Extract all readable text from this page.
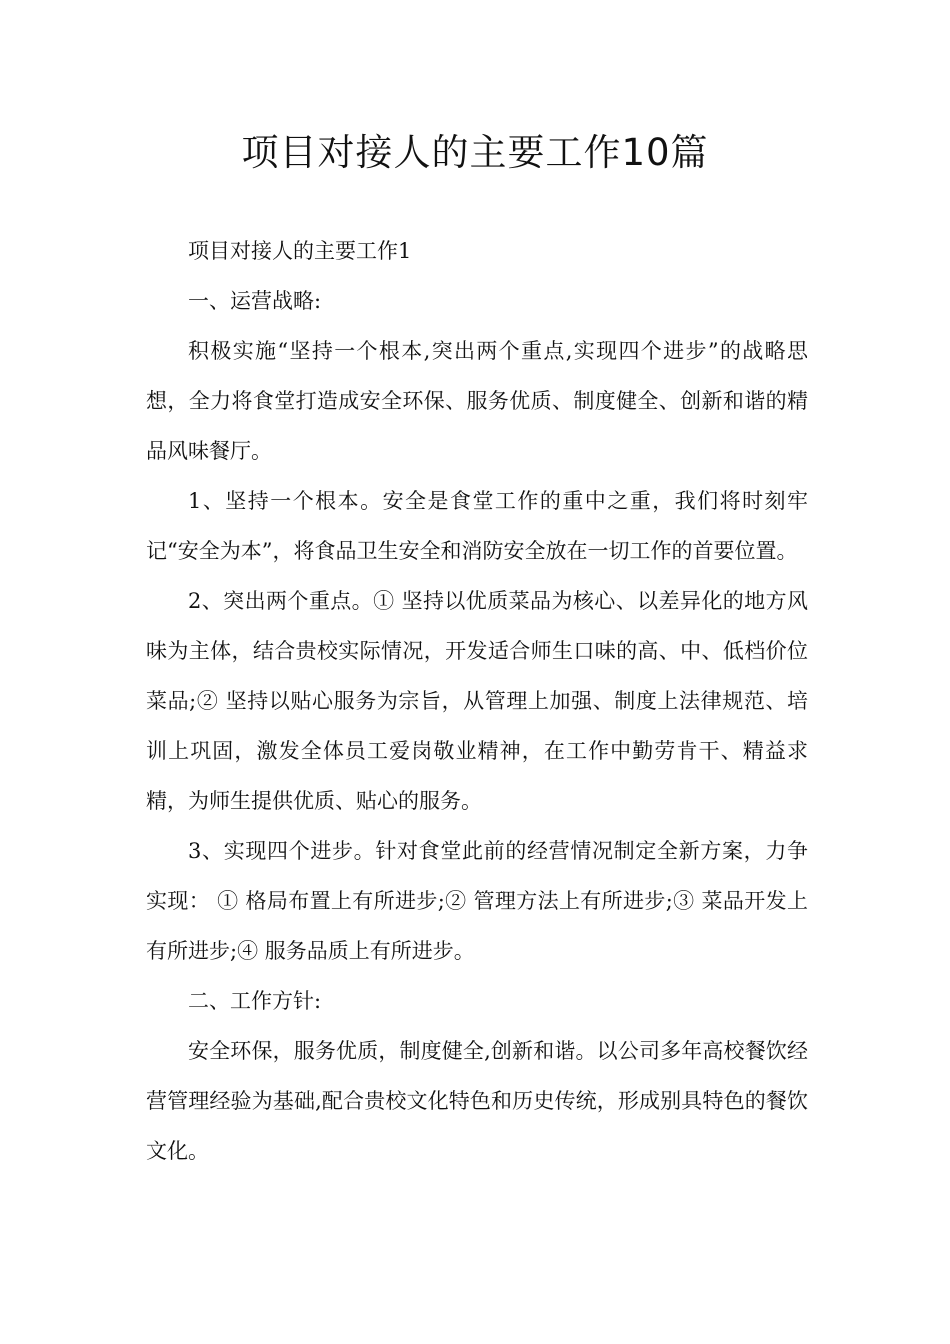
项目对接人的主要工作10篇

项目对接人的主要工作1

一、运营战略:

积极实施“坚持一个根本,突出两个重点,实现四个进步”的战略思想，全力将食堂打造成安全环保、服务优质、制度健全、创新和谐的精品风味餐厅。

1、坚持一个根本。安全是食堂工作的重中之重，我们将时刻牢记“安全为本”，将食品卫生安全和消防安全放在一切工作的首要位置。

2、突出两个重点。① 坚持以优质菜品为核心、以差异化的地方风味为主体，结合贵校实际情况，开发适合师生口味的高、中、低档价位菜品;② 坚持以贴心服务为宗旨，从管理上加强、制度上法律规范、培训上巩固，激发全体员工爱岗敬业精神，在工作中勤劳肯干、精益求精，为师生提供优质、贴心的服务。

3、实现四个进步。针对食堂此前的经营情况制定全新方案，力争实现： ① 格局布置上有所进步;② 管理方法上有所进步;③ 菜品开发上有所进步;④ 服务品质上有所进步。

二、工作方针:

安全环保，服务优质，制度健全,创新和谐。以公司多年高校餐饮经营管理经验为基础,配合贵校文化特色和历史传统，形成别具特色的餐饮文化。
